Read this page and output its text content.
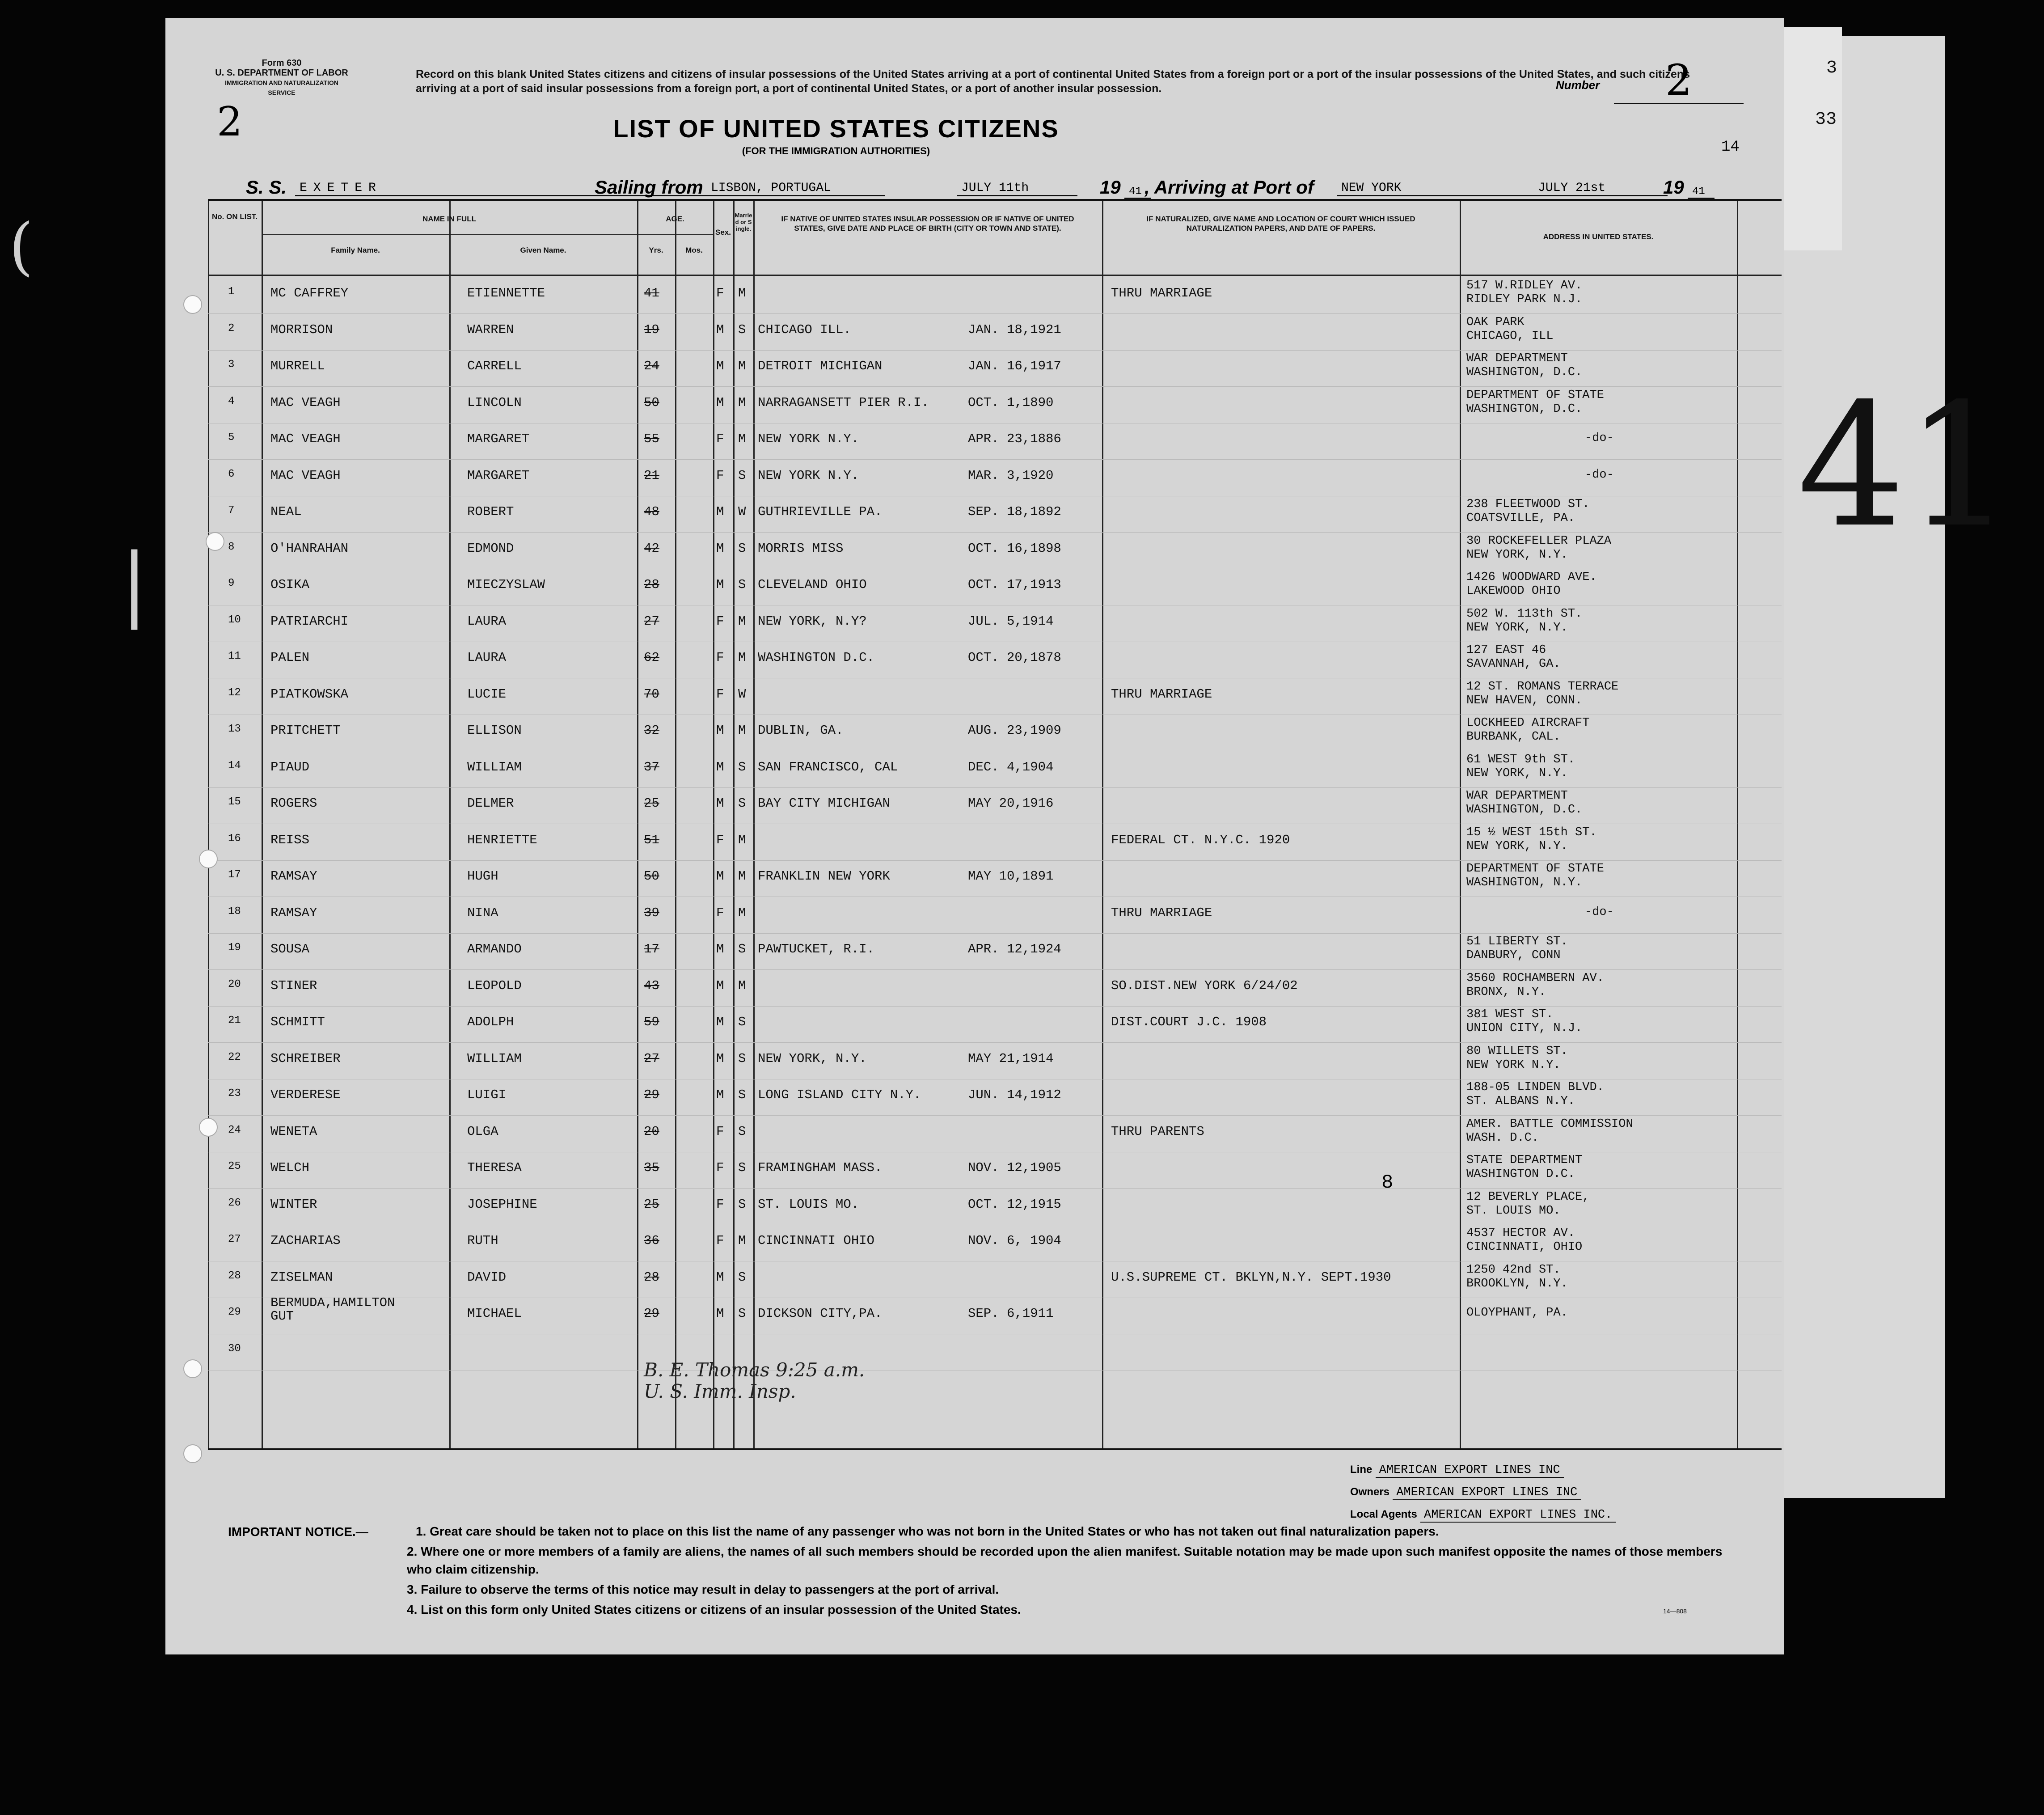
3
33
41
(
|
Form 630
U. S. DEPARTMENT OF LABOR
IMMIGRATION AND NATURALIZATION SERVICE
Record on this blank United States citizens and citizens of insular possessions of the United States arriving at a port of continental United States from a foreign port or a port of the insular possessions of the United States, and such citizens arriving at a port of said insular possessions from a foreign port, a port of continental United States, or a port of another insular possession.	Number	2
2	LIST OF UNITED STATES CITIZENS
(FOR THE IMMIGRATION AUTHORITIES)	14
S. S.	EXETER	Sailing from LISBON, PORTUGAL	JULY 11th	19 41 , Arriving at Port of	NEW YORK	JULY 21st	19 41
No. ON LIST.	NAME IN FULL
Family Name.	Given Name.
AGE.
Yrs.	Mos.
Sex.
Married or Single.
IF NATIVE OF UNITED STATES INSULAR POSSESSION OR IF NATIVE OF UNITED STATES, GIVE DATE AND PLACE OF BIRTH (CITY OR TOWN AND STATE).
IF NATURALIZED, GIVE NAME AND LOCATION OF COURT WHICH ISSUED NATURALIZATION PAPERS, AND DATE OF PAPERS.
ADDRESS IN UNITED STATES.
1	MC CAFFREY	ETIENNETTE	41	F M	THRU MARRIAGE	517 W.RIDLEY AV.
RIDLEY PARK N.J.
2	MORRISON	WARREN	19	M S CHICAGO ILL.	JAN. 18,1921	OAK PARK
CHICAGO, ILL
3	MURRELL	CARRELL	24	M M DETROIT MICHIGAN	JAN. 16,1917	WAR DEPARTMENT
WASHINGTON, D.C.
4	MAC VEAGH	LINCOLN	50	M M NARRAGANSETT PIER R.I.	OCT. 1,1890	DEPARTMENT OF STATE
WASHINGTON, D.C.
5	MAC VEAGH	MARGARET	55	F M NEW YORK N.Y.	APR. 23,1886	-do-
6	MAC VEAGH	MARGARET	21	F S NEW YORK N.Y.	MAR. 3,1920	-do-
7	NEAL	ROBERT	48	M W GUTHRIEVILLE PA.	SEP. 18,1892	238 FLEETWOOD ST.
COATSVILLE, PA.
8	O'HANRAHAN	EDMOND	42	M S MORRIS MISS	OCT. 16,1898	30 ROCKEFELLER PLAZA
NEW YORK, N.Y.
9	OSIKA	MIECZYSLAW	28	M S CLEVELAND OHIO	OCT. 17,1913	1426 WOODWARD AVE.
LAKEWOOD OHIO
10 PATRIARCHI	LAURA	27	F M NEW YORK, N.Y?	JUL. 5,1914	502 W. 113th ST.
NEW YORK, N.Y.
11 PALEN	LAURA	62	F M WASHINGTON D.C.	OCT. 20,1878	127 EAST 46
SAVANNAH, GA.
12 PIATKOWSKA	LUCIE	70	F W	THRU MARRIAGE	12 ST. ROMANS TERRACE
NEW HAVEN, CONN.
13 PRITCHETT	ELLISON	32	M M DUBLIN, GA.	AUG. 23,1909	LOCKHEED AIRCRAFT
BURBANK, CAL.
14 PIAUD	WILLIAM	37	M S SAN FRANCISCO, CAL	DEC. 4,1904	61 WEST 9th ST.
NEW YORK, N.Y.
15 ROGERS	DELMER	25	M S BAY CITY MICHIGAN	MAY 20,1916	WAR DEPARTMENT
WASHINGTON, D.C.
16 REISS	HENRIETTE	51	F M	FEDERAL CT. N.Y.C. 1920	15 ½ WEST 15th ST.
NEW YORK, N.Y.
17 RAMSAY	HUGH	50	M M FRANKLIN NEW YORK	MAY 10,1891	DEPARTMENT OF STATE
WASHINGTON, N.Y.
18 RAMSAY	NINA	39	F M	THRU MARRIAGE	-do-
19 SOUSA	ARMANDO	17	M S PAWTUCKET, R.I.	APR. 12,1924	51 LIBERTY ST.
DANBURY, CONN
20 STINER	LEOPOLD	43	M M	SO.DIST.NEW YORK 6/24/02	3560 ROCHAMBERN AV.
BRONX, N.Y.
21 SCHMITT	ADOLPH	59	M S	DIST.COURT J.C. 1908	381 WEST ST.
UNION CITY, N.J.
22 SCHREIBER	WILLIAM	27	M S NEW YORK, N.Y.	MAY 21,1914	80 WILLETS ST.
NEW YORK N.Y.
23 VERDERESE	LUIGI	29	M S LONG ISLAND CITY N.Y.	JUN. 14,1912	188-05 LINDEN BLVD.
ST. ALBANS N.Y.
24 WENETA	OLGA	20	F S	THRU PARENTS	AMER. BATTLE COMMISSION
WASH. D.C.
25 WELCH	THERESA	35	F S FRAMINGHAM MASS.	NOV. 12,1905	STATE DEPARTMENT
WASHINGTON D.C.
26 WINTER	JOSEPHINE	25	F S ST. LOUIS MO.	OCT. 12,1915	12 BEVERLY PLACE,
ST. LOUIS MO.
27 ZACHARIAS	RUTH	36	F M CINCINNATI OHIO	NOV. 6, 1904	4537 HECTOR AV.
CINCINNATI, OHIO
28 ZISELMAN	DAVID	28	M S	U.S.SUPREME CT. BKLYN,N.Y. SEPT.1930	1250 42nd ST.
BROOKLYN, N.Y.
29
BERMUDA,HAMILTON
GUT	MICHAEL	29	M S DICKSON CITY,PA.	SEP. 6,1911	OLOYPHANT, PA.
30
B. E. Thomas 9:25 a.m.
U. S. Imm. Insp.
8
Line AMERICAN EXPORT LINES INC
Owners AMERICAN EXPORT LINES INC
Local Agents AMERICAN EXPORT LINES INC.
IMPORTANT NOTICE.—	1. Great care should be taken not to place on this list the name of any passenger who was not born in the United States or who has not taken out final naturalization papers.
2. Where one or more members of a family are aliens, the names of all such members should be recorded upon the alien manifest. Suitable notation may be made upon such manifest opposite the names of those members who claim citizenship.
3. Failure to observe the terms of this notice may result in delay to passengers at the port of arrival.
4. List on this form only United States citizens or citizens of an insular possession of the United States.	14—808
